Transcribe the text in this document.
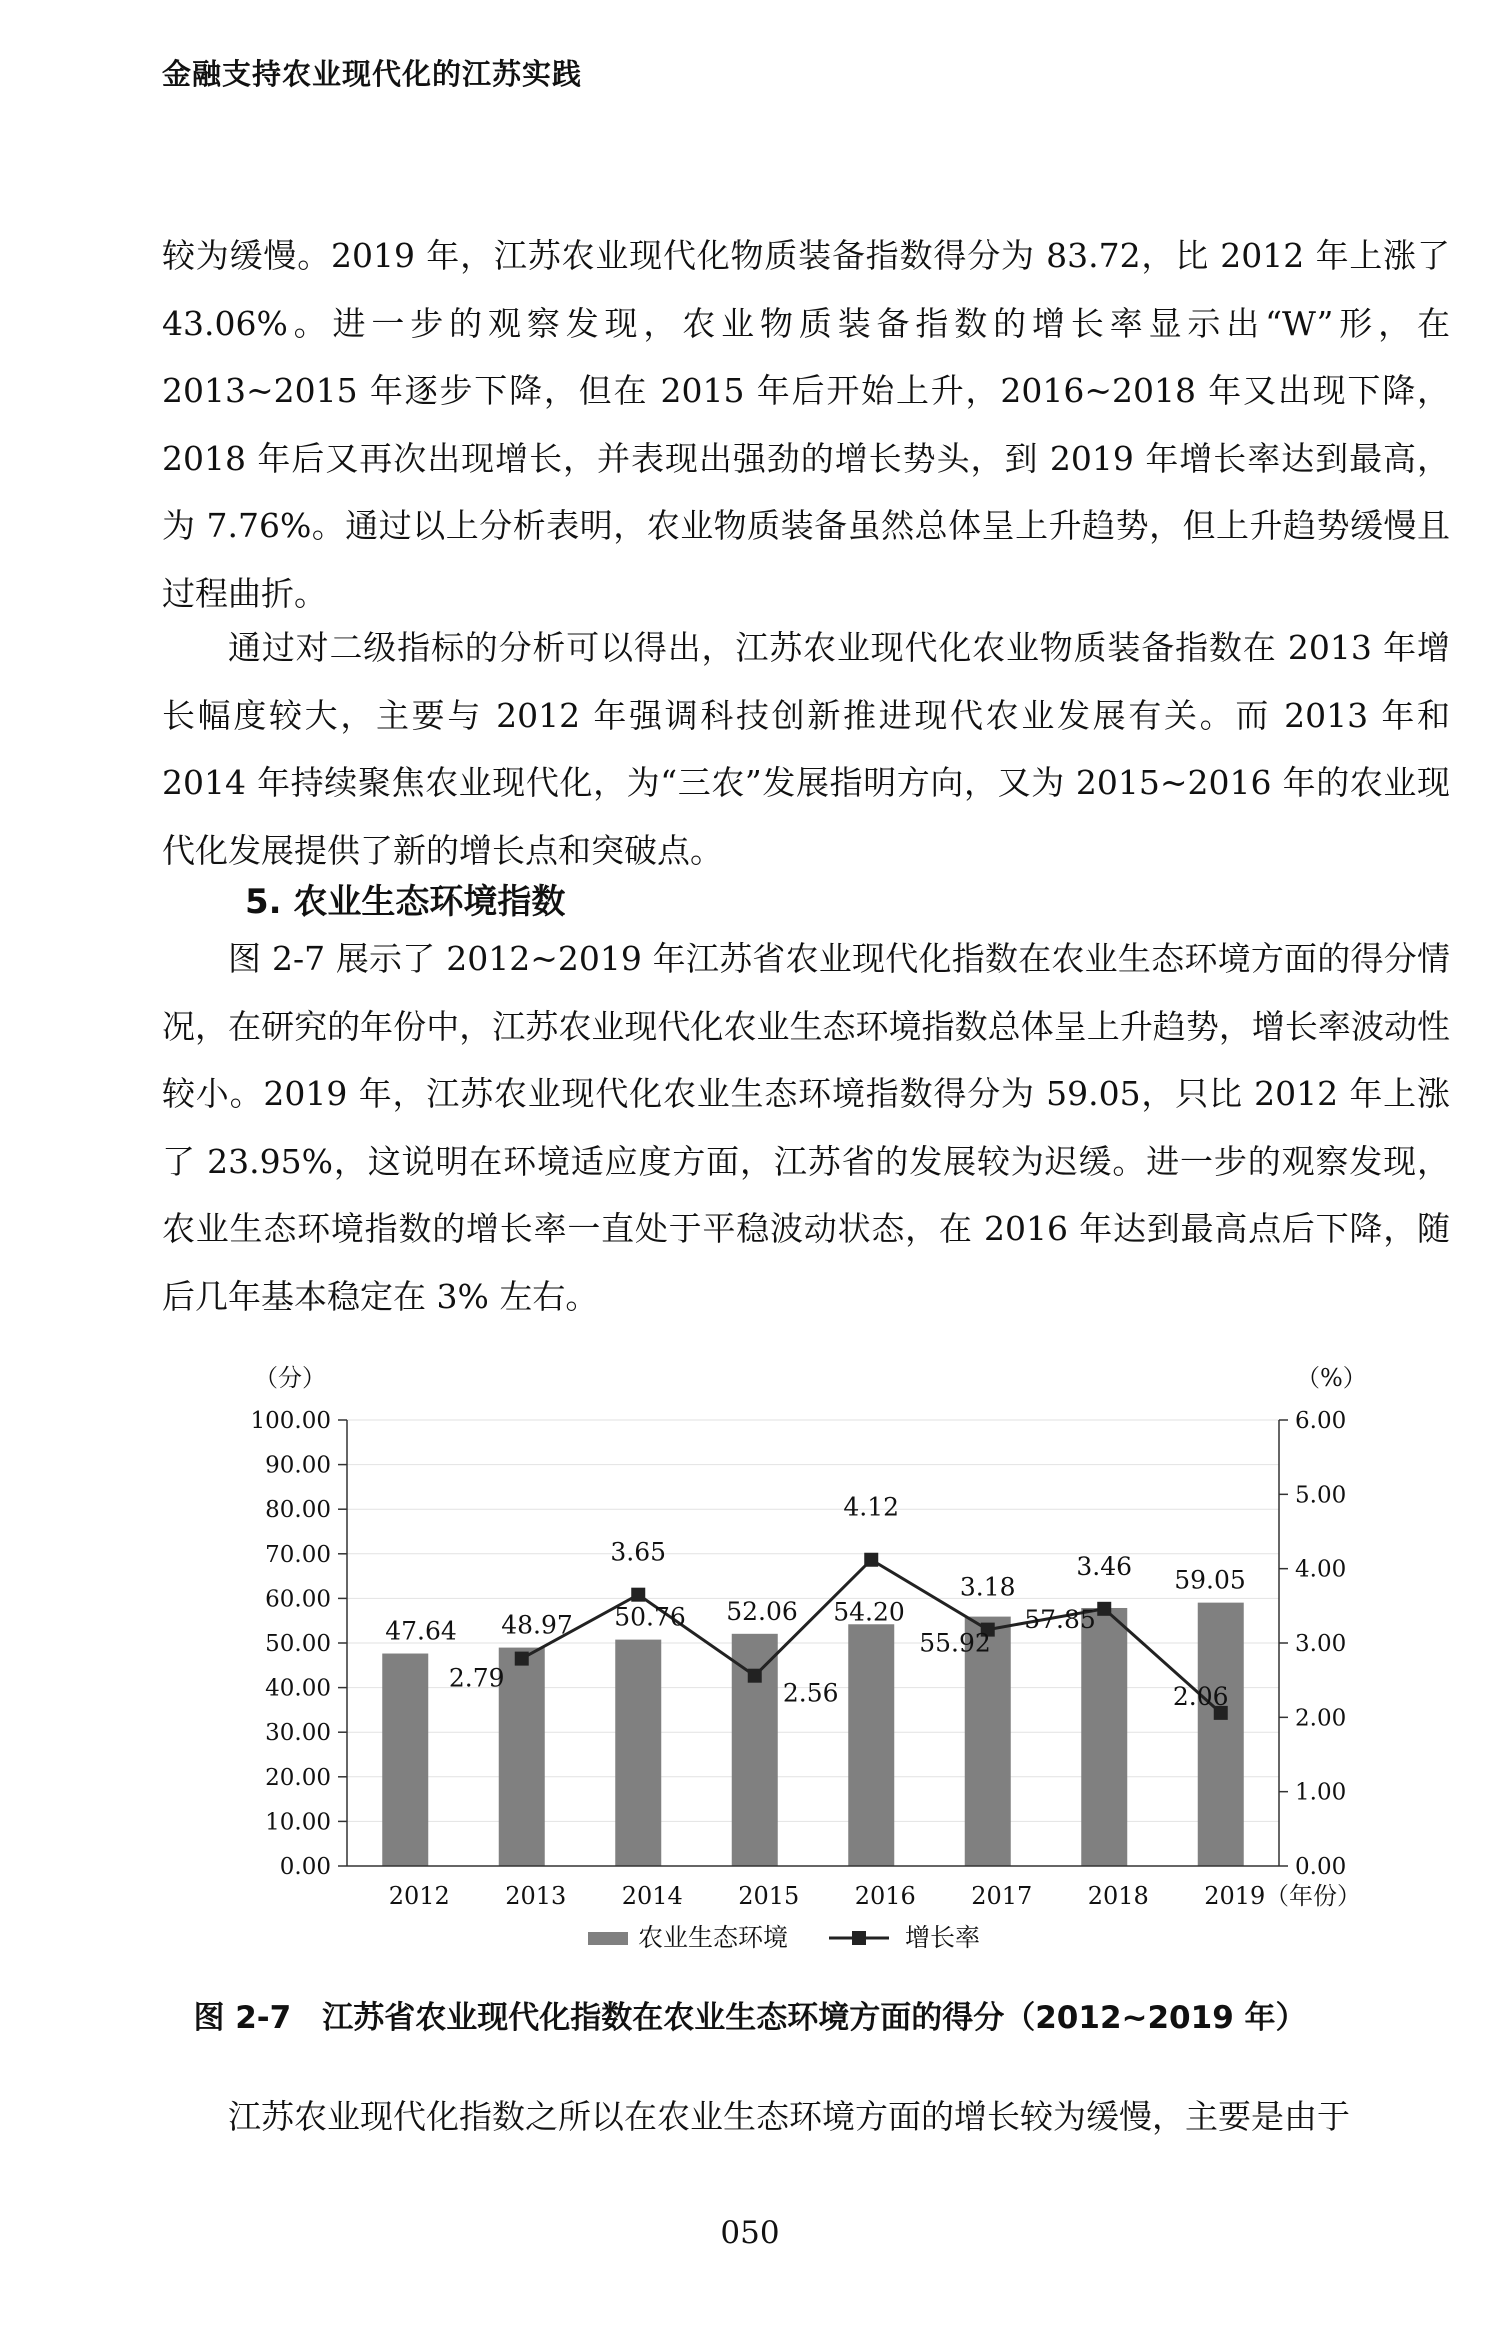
金融支持农业现代化的江苏实践

较为缓慢。2019 年，江苏农业现代化物质装备指数得分为 83.72，比 2012 年上涨了 43.06%。进一步的观察发现，农业物质装备指数的增长率显示出“W”形，在 2013~2015 年逐步下降，但在 2015 年后开始上升，2016~2018 年又出现下降，2018 年后又再次出现增长，并表现出强劲的增长势头，到 2019 年增长率达到最高，为 7.76%。通过以上分析表明，农业物质装备虽然总体呈上升趋势，但上升趋势缓慢且过程曲折。

通过对二级指标的分析可以得出，江苏农业现代化农业物质装备指数在 2013 年增长幅度较大，主要与 2012 年强调科技创新推进现代农业发展有关。而 2013 年和 2014 年持续聚焦农业现代化，为“三农”发展指明方向，又为 2015~2016 年的农业现代化发展提供了新的增长点和突破点。

5. 农业生态环境指数

图 2-7 展示了 2012~2019 年江苏省农业现代化指数在农业生态环境方面的得分情况，在研究的年份中，江苏农业现代化农业生态环境指数总体呈上升趋势，增长率波动性较小。2019 年，江苏农业现代化农业生态环境指数得分为 59.05，只比 2012 年上涨了 23.95%，这说明在环境适应度方面，江苏省的发展较为迟缓。进一步的观察发现，农业生态环境指数的增长率一直处于平稳波动状态，在 2016 年达到最高点后下降，随后几年基本稳定在 3% 左右。

0.00
10.00
20.00
30.00
40.00
50.00
60.00
70.00
80.00
90.00
100.00
0.00
1.00
2.00
3.00
4.00
5.00
6.00
（分）	（%）
2012 2013 2014 2015 2016 2017 2018 2019 （年份）
47.64 48.97 50.76 52.06 54.20
55.92
57.85
59.05
2.79
3.65
2.56
4.12
3.18
3.46
2.06
农业生态环境	增长率
图 2-7　江苏省农业现代化指数在农业生态环境方面的得分（2012~2019 年）

江苏农业现代化指数之所以在农业生态环境方面的增长较为缓慢，主要是由于

050
